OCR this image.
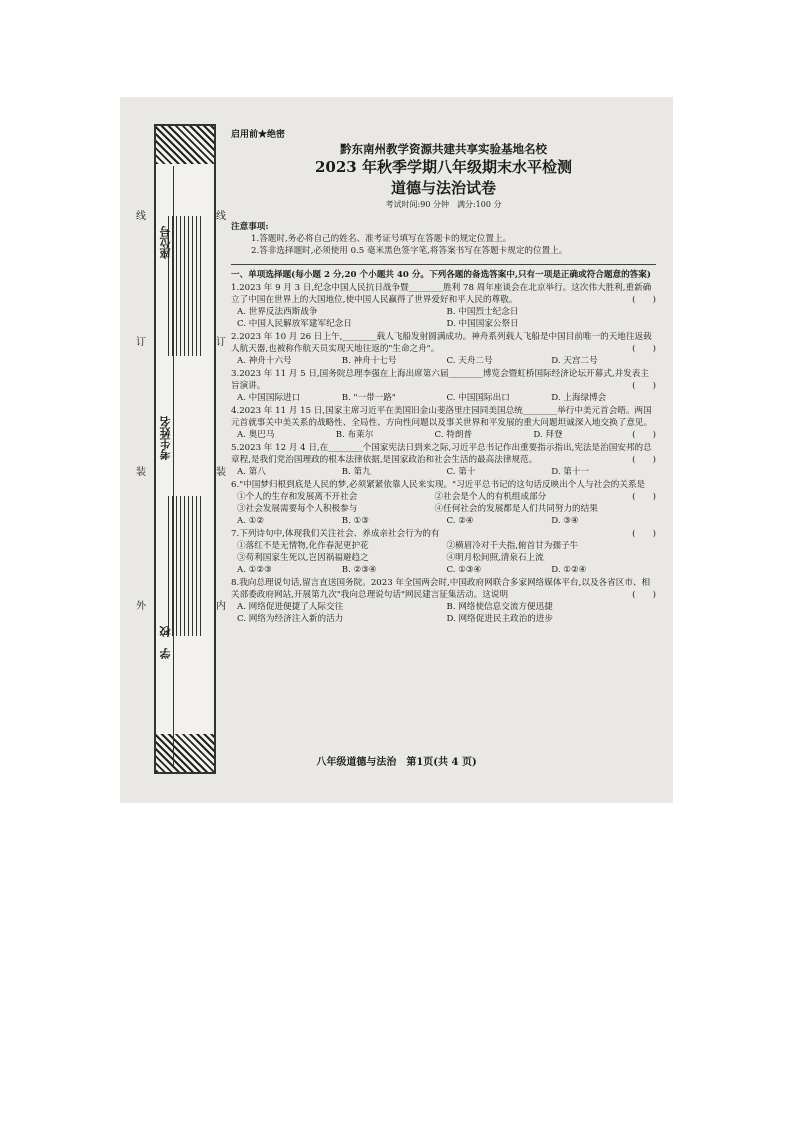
座位号
考生姓名
学　校
线	线
订	订
装	装
外	内
启用前★绝密
黔东南州教学资源共建共享实验基地名校
2023 年秋季学期八年级期末水平检测
道德与法治试卷
考试时间:90 分钟　满分:100 分
注意事项:
1.答题时,务必将自己的姓名、准考证号填写在答题卡的规定位置上。
2.答非选择题时,必须使用 0.5 毫米黑色签字笔,将答案书写在答题卡规定的位置上。
一、单项选择题(每小题 2 分,20 个小题共 40 分。下列各题的备选答案中,只有一项是正确或符合题意的答案)
1.2023 年 9 月 3 日,纪念中国人民抗日战争暨________胜利 78 周年座谈会在北京举行。这次伟大胜利,重新确立了中国在世界上的大国地位,使中国人民赢得了世界爱好和平人民的尊敬。	(　　)
A. 世界反法西斯战争	B. 中国烈士纪念日
C. 中国人民解放军建军纪念日	D. 中国国家公祭日
2.2023 年 10 月 26 日上午,________载人飞船发射圆满成功。神舟系列载人飞船是中国目前唯一的天地往返载人航天器,也被称作航天员实现天地往返的"生命之舟"。	(　　)
A. 神舟十六号	B. 神舟十七号	C. 天舟二号	D. 天宫二号
3.2023 年 11 月 5 日,国务院总理李强在上海出席第六届________博览会暨虹桥国际经济论坛开幕式,并发表主旨演讲。	(　　)
A. 中国国际进口	B. "一带一路"	C. 中国国际出口	D. 上海绿博会
4.2023 年 11 月 15 日,国家主席习近平在美国旧金山斐洛里庄园同美国总统________举行中美元首会晤。两国元首就事关中美关系的战略性、全局性、方向性问题以及事关世界和平发展的重大问题坦诚深入地交换了意见。
(　　)
A. 奥巴马	B. 布莱尔	C. 特朗普	D. 拜登
5.2023 年 12 月 4 日,在________个国家宪法日到来之际,习近平总书记作出重要指示指出,宪法是治国安邦的总章程,是我们党治国理政的根本法律依据,是国家政治和社会生活的最高法律规范。	(　　)
A. 第八	B. 第九	C. 第十	D. 第十一
6."中国梦归根到底是人民的梦,必须紧紧依靠人民来实现。"习近平总书记的这句话反映出个人与社会的关系是
(　　)
①个人的生存和发展离不开社会	②社会是个人的有机组成部分
③社会发展需要每个人积极参与	④任何社会的发展都是人们共同努力的结果
A. ①②	B. ①③	C. ②④	D. ③④
7.下列诗句中,体现我们关注社会、养成亲社会行为的有	(　　)
①落红不是无情物,化作春泥更护花	②横眉冷对千夫指,俯首甘为孺子牛
③苟利国家生死以,岂因祸福避趋之	④明月松间照,清泉石上流
A. ①②③	B. ②③④	C. ①③④	D. ①②④
8.我向总理说句话,留言直送国务院。2023 年全国两会时,中国政府网联合多家网络媒体平台,以及各省区市、相关部委政府网站,开展第九次"我向总理说句话"网民建言征集活动。这说明	(　　)
A. 网络促进便捷了人际交往	B. 网络使信息交流方便迅捷
C. 网络为经济注入新的活力	D. 网络促进民主政治的进步
八年级道德与法治　第1页(共 4 页)
